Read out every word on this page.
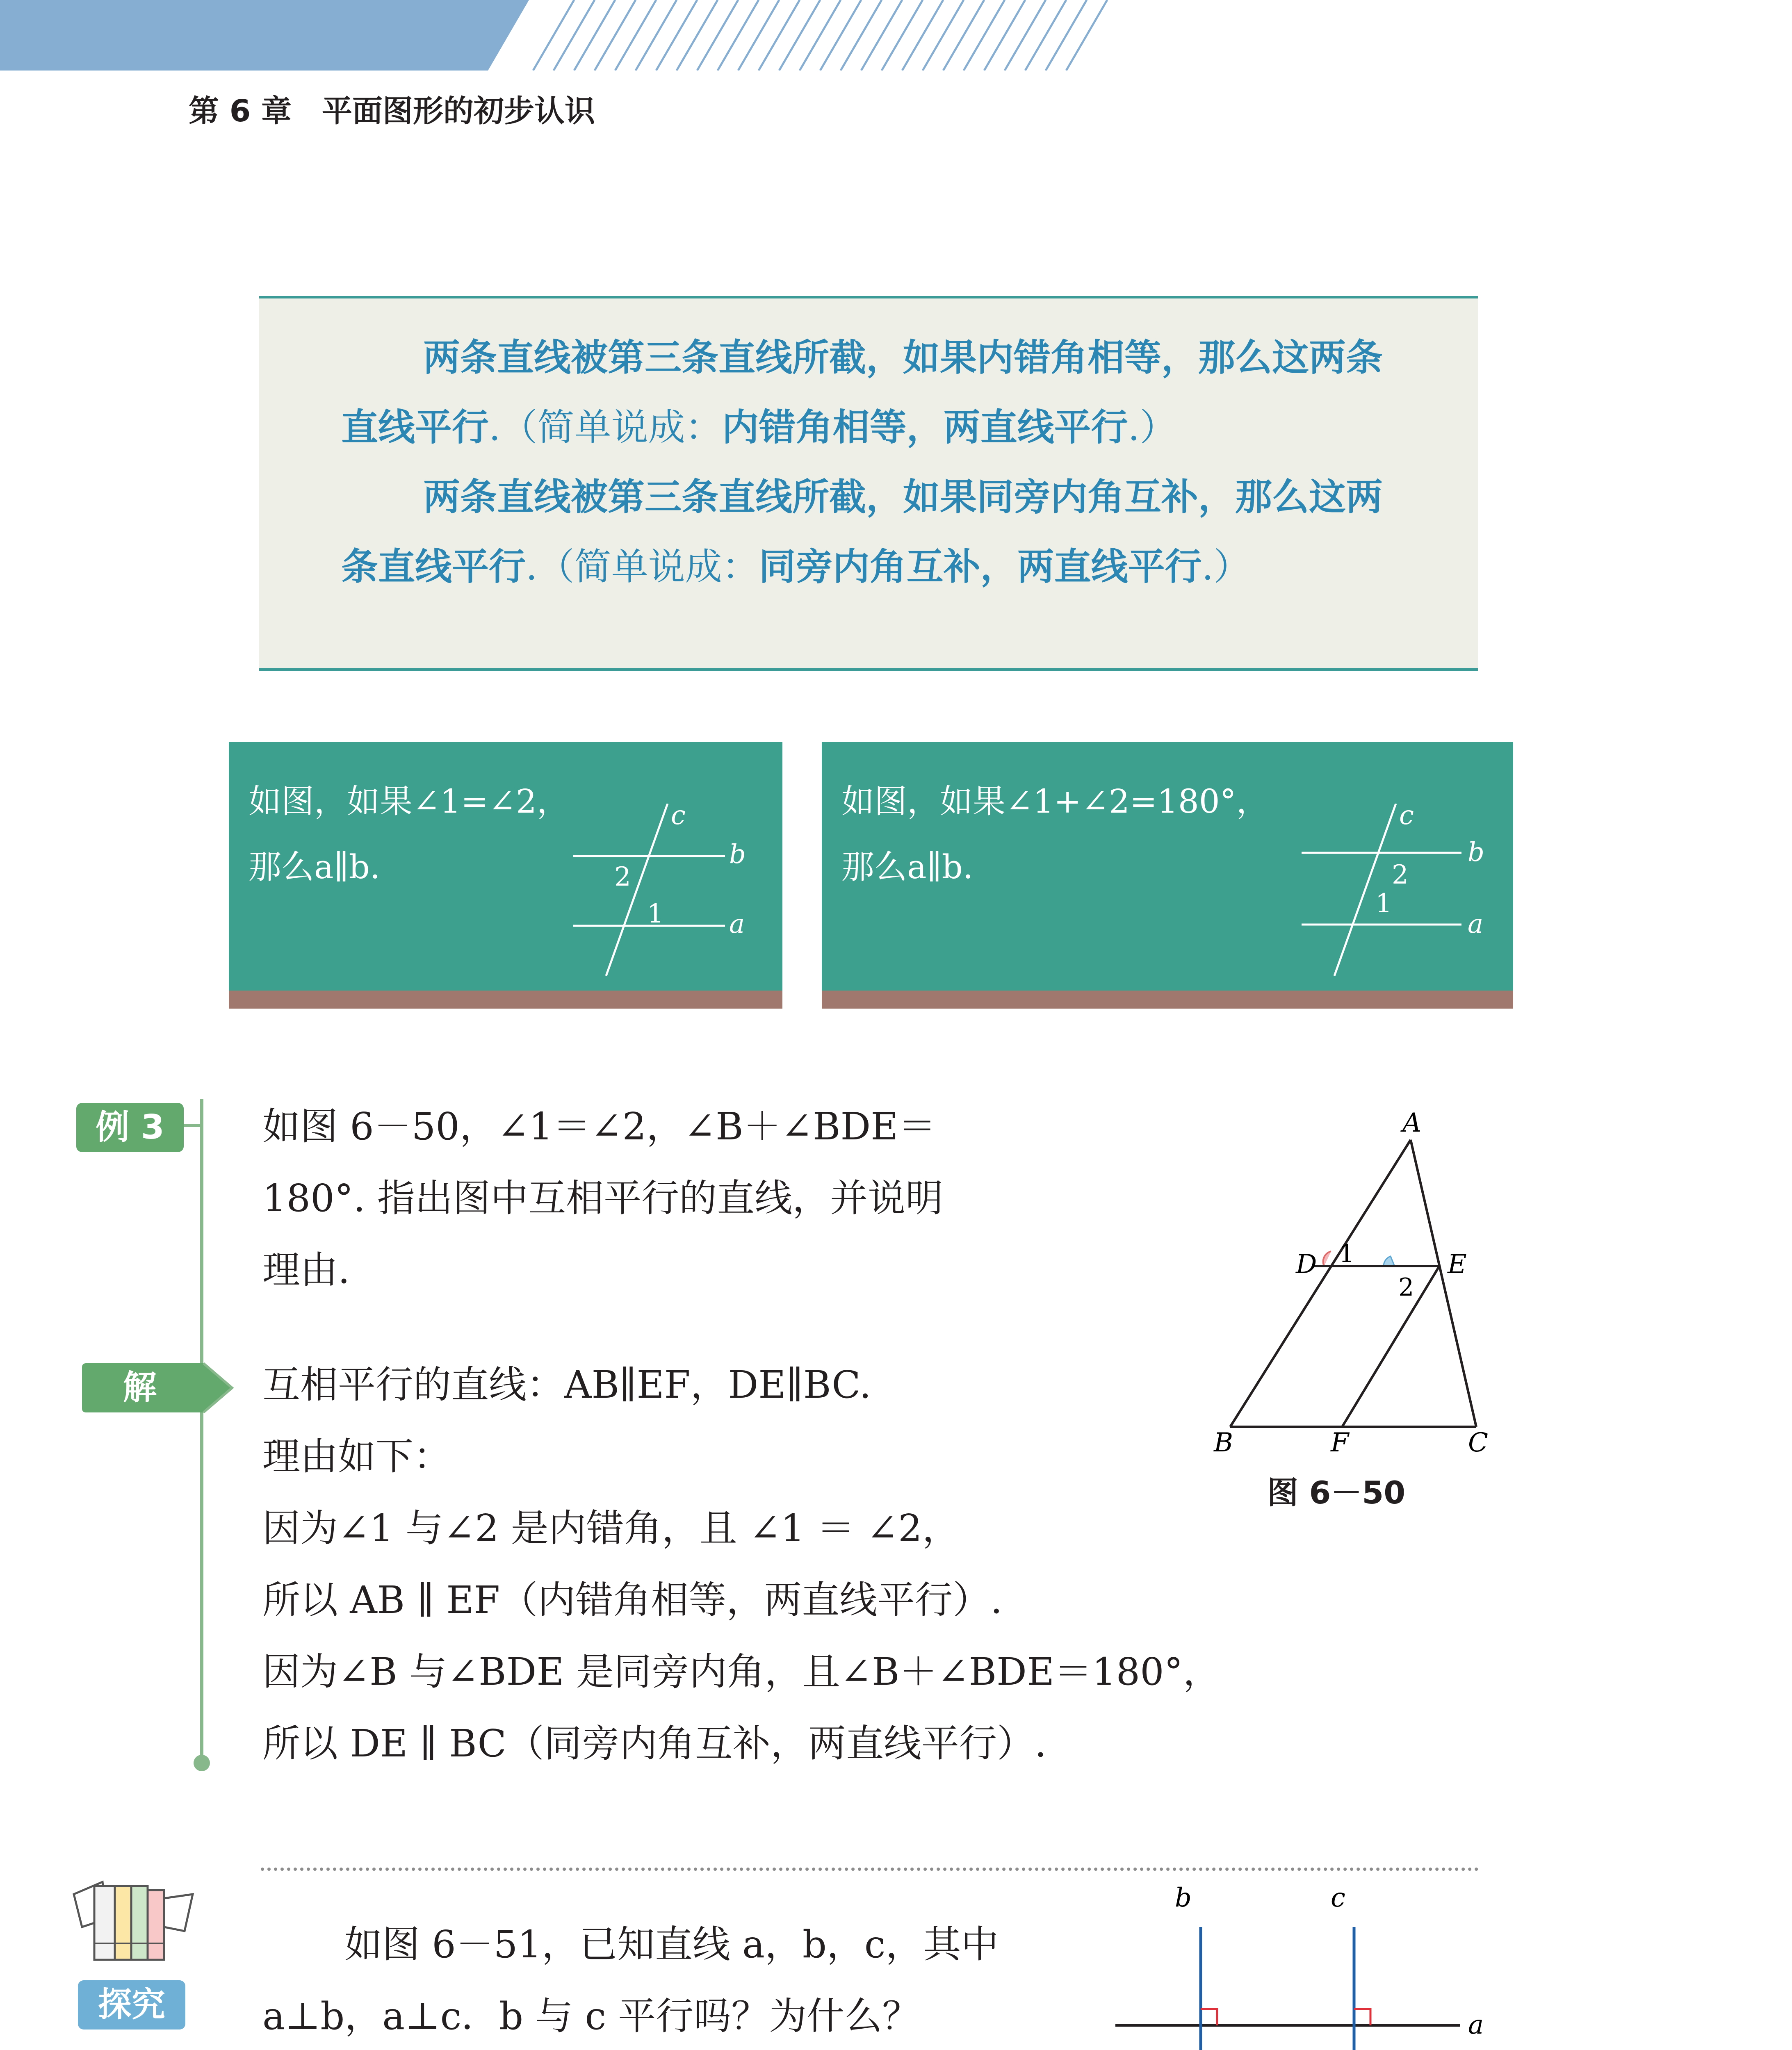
第 6 章　平面图形的初步认识
两条直线被第三条直线所截，如果内错角相等，那么这两条直线平行.（简单说成：内错角相等，两直线平行.）
两条直线被第三条直线所截，如果同旁内角互补，那么这两条直线平行.（简单说成：同旁内角互补，两直线平行.）
如图，如果∠1=∠2，
那么a∥b.
c
b
a
2
1
如图，如果∠1+∠2=180°，
那么a∥b.
c
b
a
2
1
例 3	如图 6－50，∠1＝∠2，∠B＋∠BDE＝
180°. 指出图中互相平行的直线，并说明
理由.
解	互相平行的直线：AB∥EF，DE∥BC.
理由如下：
因为∠1 与∠2 是内错角，且 ∠1 ＝ ∠2，
所以 AB ∥ EF（内错角相等，两直线平行）.
因为∠B 与∠BDE 是同旁内角，且∠B＋∠BDE＝180°，
所以 DE ∥ BC（同旁内角互补，两直线平行）.
A
D	E
B	F	C
1
2
图 6－50
探究
如图 6－51，已知直线 a，b，c，其中
a⊥b，a⊥c．b 与 c 平行吗？为什么？
b	c
a
